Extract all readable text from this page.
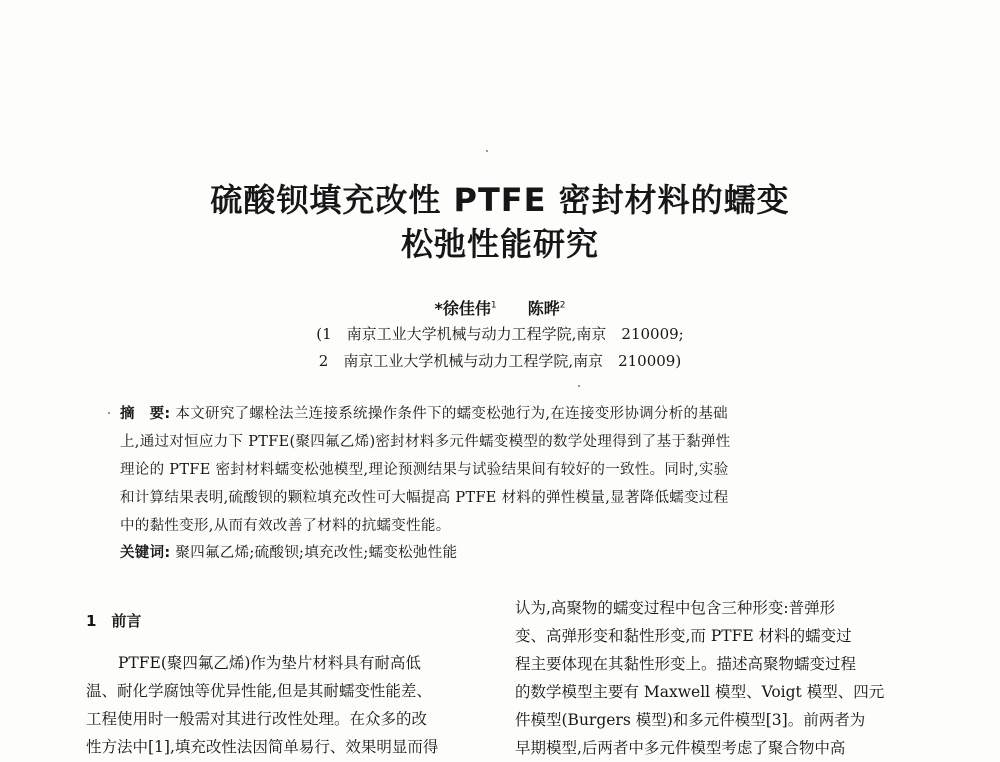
硫酸钡填充改性 PTFE 密封材料的蠕变
松弛性能研究
*徐佳伟$^1$ 陈晔$^2$
(1　南京工业大学机械与动力工程学院,南京　210009;
2　南京工业大学机械与动力工程学院,南京　210009)
摘　要: 本文研究了螺栓法兰连接系统操作条件下的蠕变松弛行为,在连接变形协调分析的基础
上,通过对恒应力下 PTFE(聚四氟乙烯)密封材料多元件蠕变模型的数学处理得到了基于黏弹性
理论的 PTFE 密封材料蠕变松弛模型,理论预测结果与试验结果间有较好的一致性。同时,实验
和计算结果表明,硫酸钡的颗粒填充改性可大幅提高 PTFE 材料的弹性模量,显著降低蠕变过程
中的黏性变形,从而有效改善了材料的抗蠕变性能。
关键词: 聚四氟乙烯;硫酸钡;填充改性;蠕变松弛性能
1　前言

PTFE(聚四氟乙烯)作为垫片材料具有耐高低

温、耐化学腐蚀等优异性能,但是其耐蠕变性能差、

工程使用时一般需对其进行改性处理。在众多的改

性方法中[1],填充改性法因简单易行、效果明显而得

认为,高聚物的蠕变过程中包含三种形变:普弹形

变、高弹形变和黏性形变,而 PTFE 材料的蠕变过

程主要体现在其黏性形变上。描述高聚物蠕变过程

的数学模型主要有 Maxwell 模型、Voigt 模型、四元

件模型(Burgers 模型)和多元件模型[3]。前两者为

早期模型,后两者中多元件模型考虑了聚合物中高
